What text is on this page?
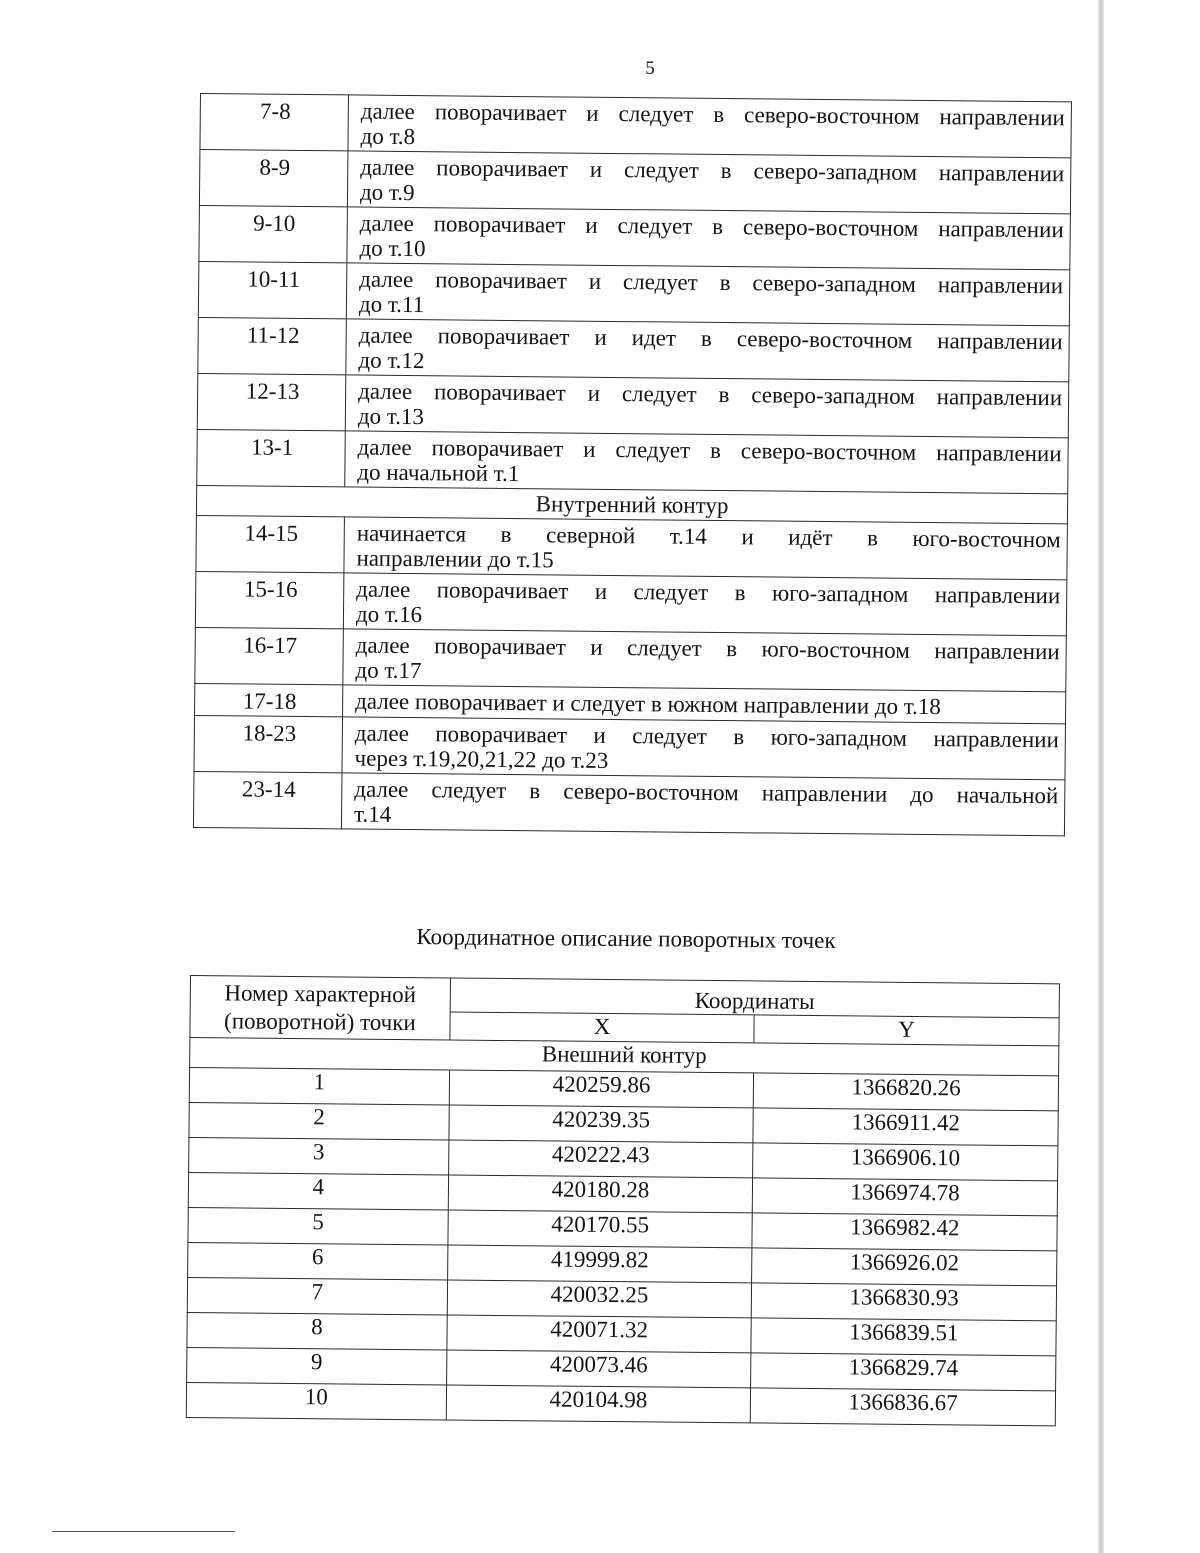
5
7-8	далее поворачивает и следует в северо-восточном направлении
до т.8

8-9	далее поворачивает и следует в северо-западном направлении
до т.9

9-10	далее поворачивает и следует в северо-восточном направлении
до т.10

10-11	далее поворачивает и следует в северо-западном направлении
до т.11

11-12	далее поворачивает и идет в северо-восточном направлении
до т.12

12-13	далее поворачивает и следует в северо-западном направлении
до т.13

13-1	далее поворачивает и следует в северо-восточном направлении
до начальной т.1

Внутренний контур	
14-15	начинается в северной т.14 и идёт в юго-восточном
направлении до т.15

15-16	далее поворачивает и следует в юго-западном направлении
до т.16

16-17	далее поворачивает и следует в юго-восточном направлении
до т.17

17-18	далее поворачивает и следует в южном направлении до т.18
18-23	далее поворачивает и следует в юго-западном направлении
через т.19,20,21,22 до т.23

23-14	далее следует в северо-восточном направлении до начальной
т.14
Координатное описание поворотных точек
Номер характерной (поворотной) точки	Координаты	
	X	Y
Внешний контур		
1	420259.86	1366820.26
2	420239.35	1366911.42
3	420222.43	1366906.10
4	420180.28	1366974.78
5	420170.55	1366982.42
6	419999.82	1366926.02
7	420032.25	1366830.93
8	420071.32	1366839.51
9	420073.46	1366829.74
10	420104.98	1366836.67
